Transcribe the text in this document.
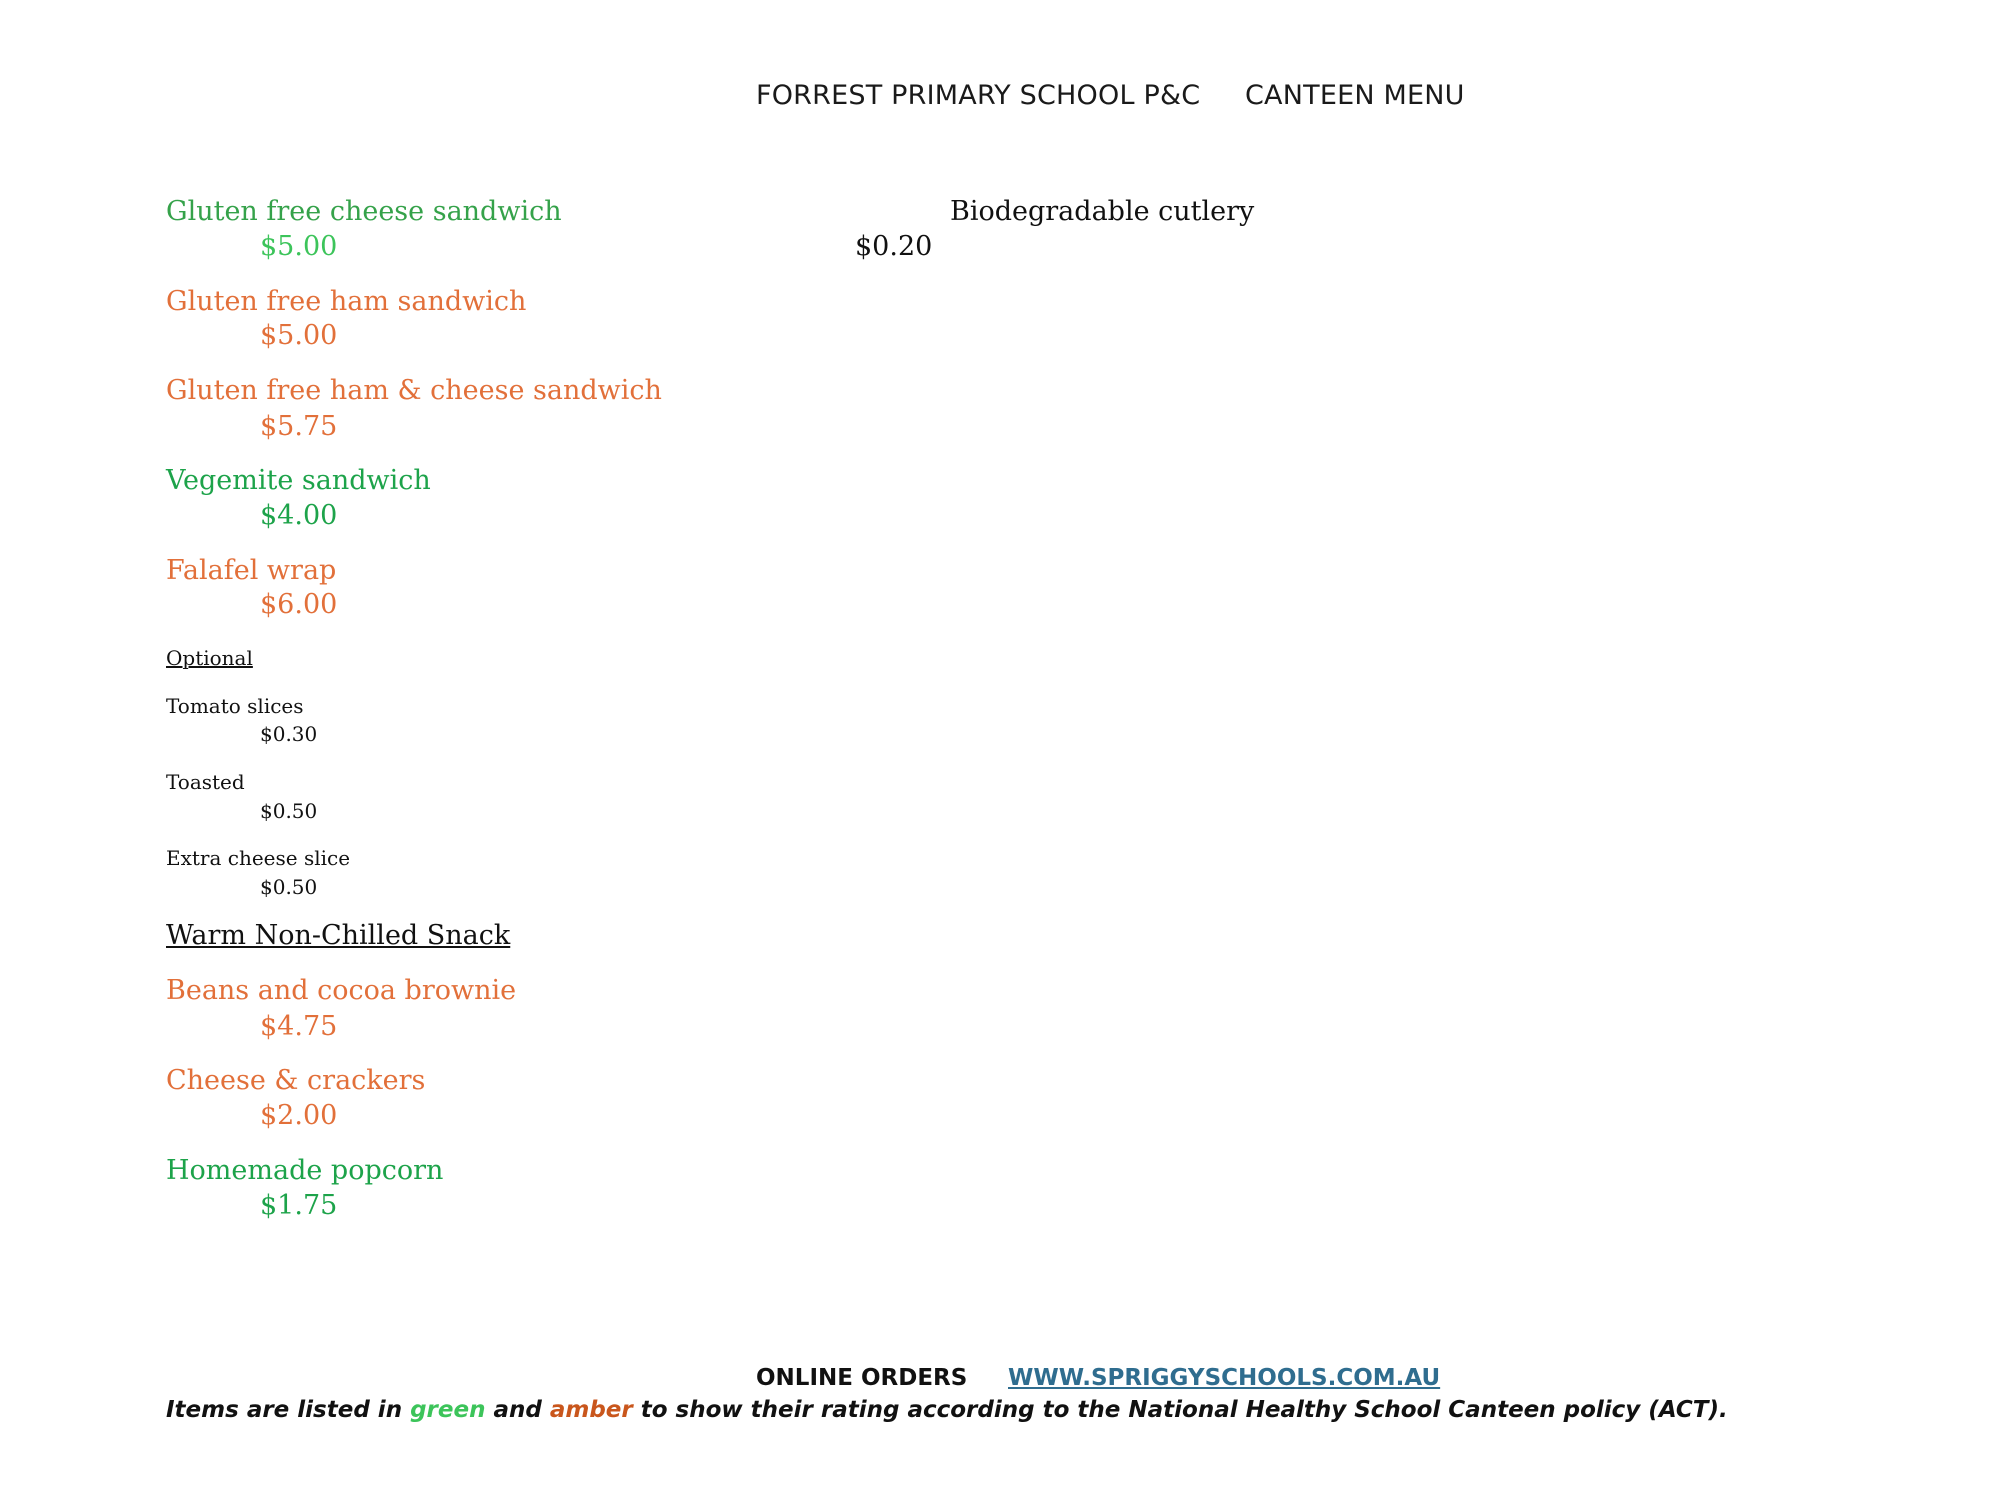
FORREST PRIMARY SCHOOL P&C CANTEEN MENU
Gluten free cheese sandwich
$5.00
Gluten free ham sandwich
$5.00
Gluten free ham & cheese sandwich
$5.75
Vegemite sandwich
$4.00
Falafel wrap
$6.00
Optional
Tomato slices
$0.30
Toasted
$0.50
Extra cheese slice
$0.50
Warm Non-Chilled Snack
Beans and cocoa brownie
$4.75
Cheese & crackers
$2.00
Homemade popcorn
$1.75
Biodegradable cutlery
$0.20
ONLINE ORDERS WWW.SPRIGGYSCHOOLS.COM.AU
Items are listed in green and amber to show their rating according to the National Healthy School Canteen policy (ACT).
